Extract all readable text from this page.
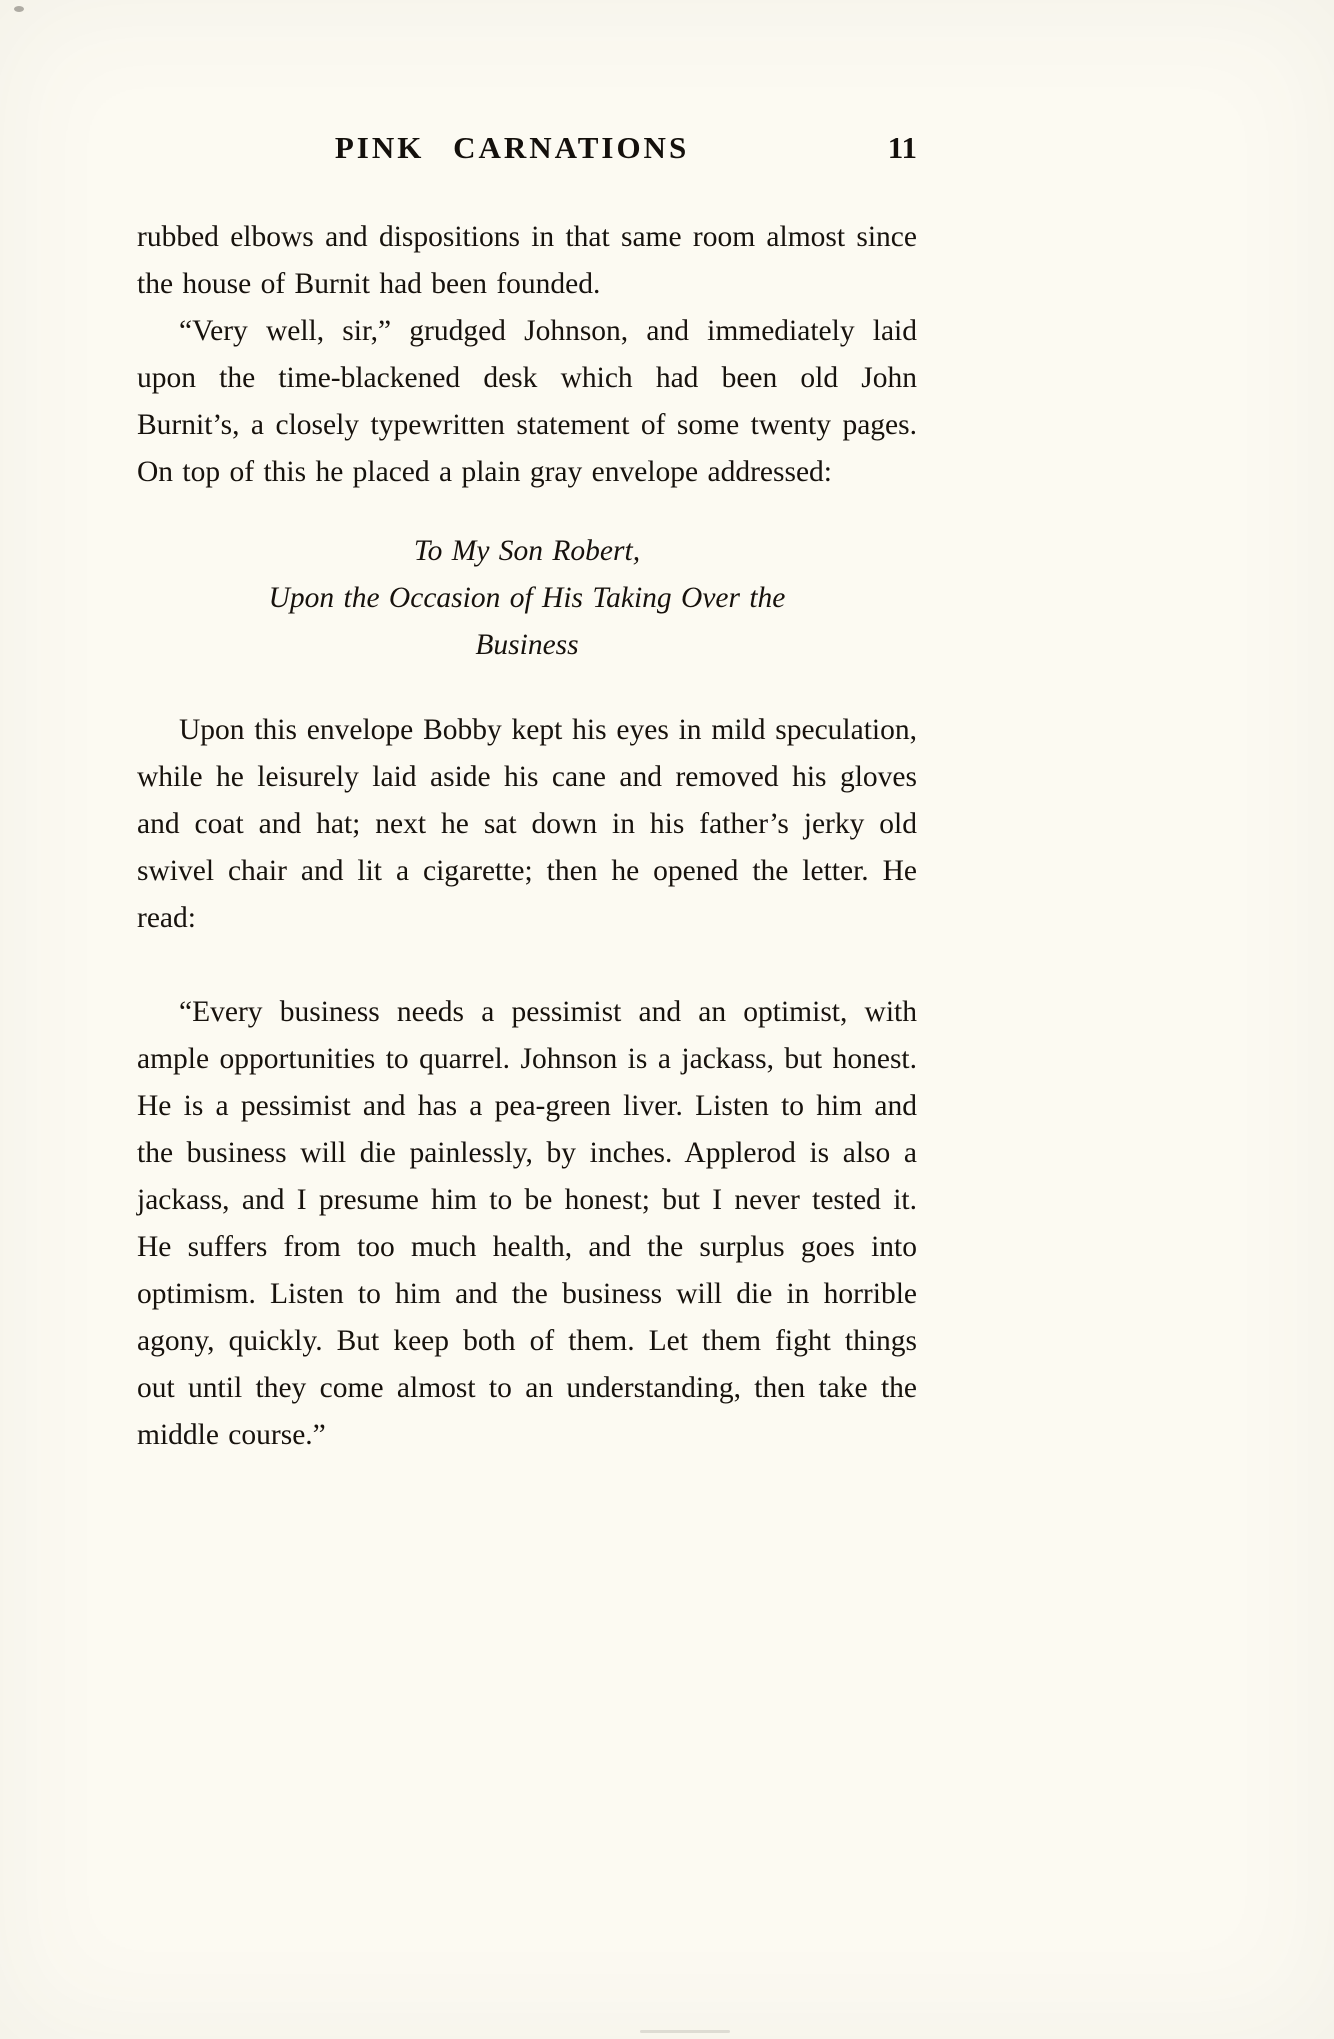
PINK CARNATIONS	11

rubbed elbows and dispositions in that same room almost since the house of Burnit had been founded.

“Very well, sir,” grudged Johnson, and immediately laid upon the time-blackened desk which had been old John Burnit’s, a closely typewritten statement of some twenty pages. On top of this he placed a plain gray envelope addressed:

To My Son Robert,
Upon the Occasion of His Taking Over the
Business

Upon this envelope Bobby kept his eyes in mild speculation, while he leisurely laid aside his cane and removed his gloves and coat and hat; next he sat down in his father’s jerky old swivel chair and lit a cigarette; then he opened the letter. He read:

“Every business needs a pessimist and an optimist, with ample opportunities to quarrel. Johnson is a jackass, but honest. He is a pessimist and has a pea-green liver. Listen to him and the business will die painlessly, by inches. Applerod is also a jackass, and I presume him to be honest; but I never tested it. He suffers from too much health, and the surplus goes into optimism. Listen to him and the business will die in horrible agony, quickly. But keep both of them. Let them fight things out until they come almost to an understanding, then take the middle course.”
